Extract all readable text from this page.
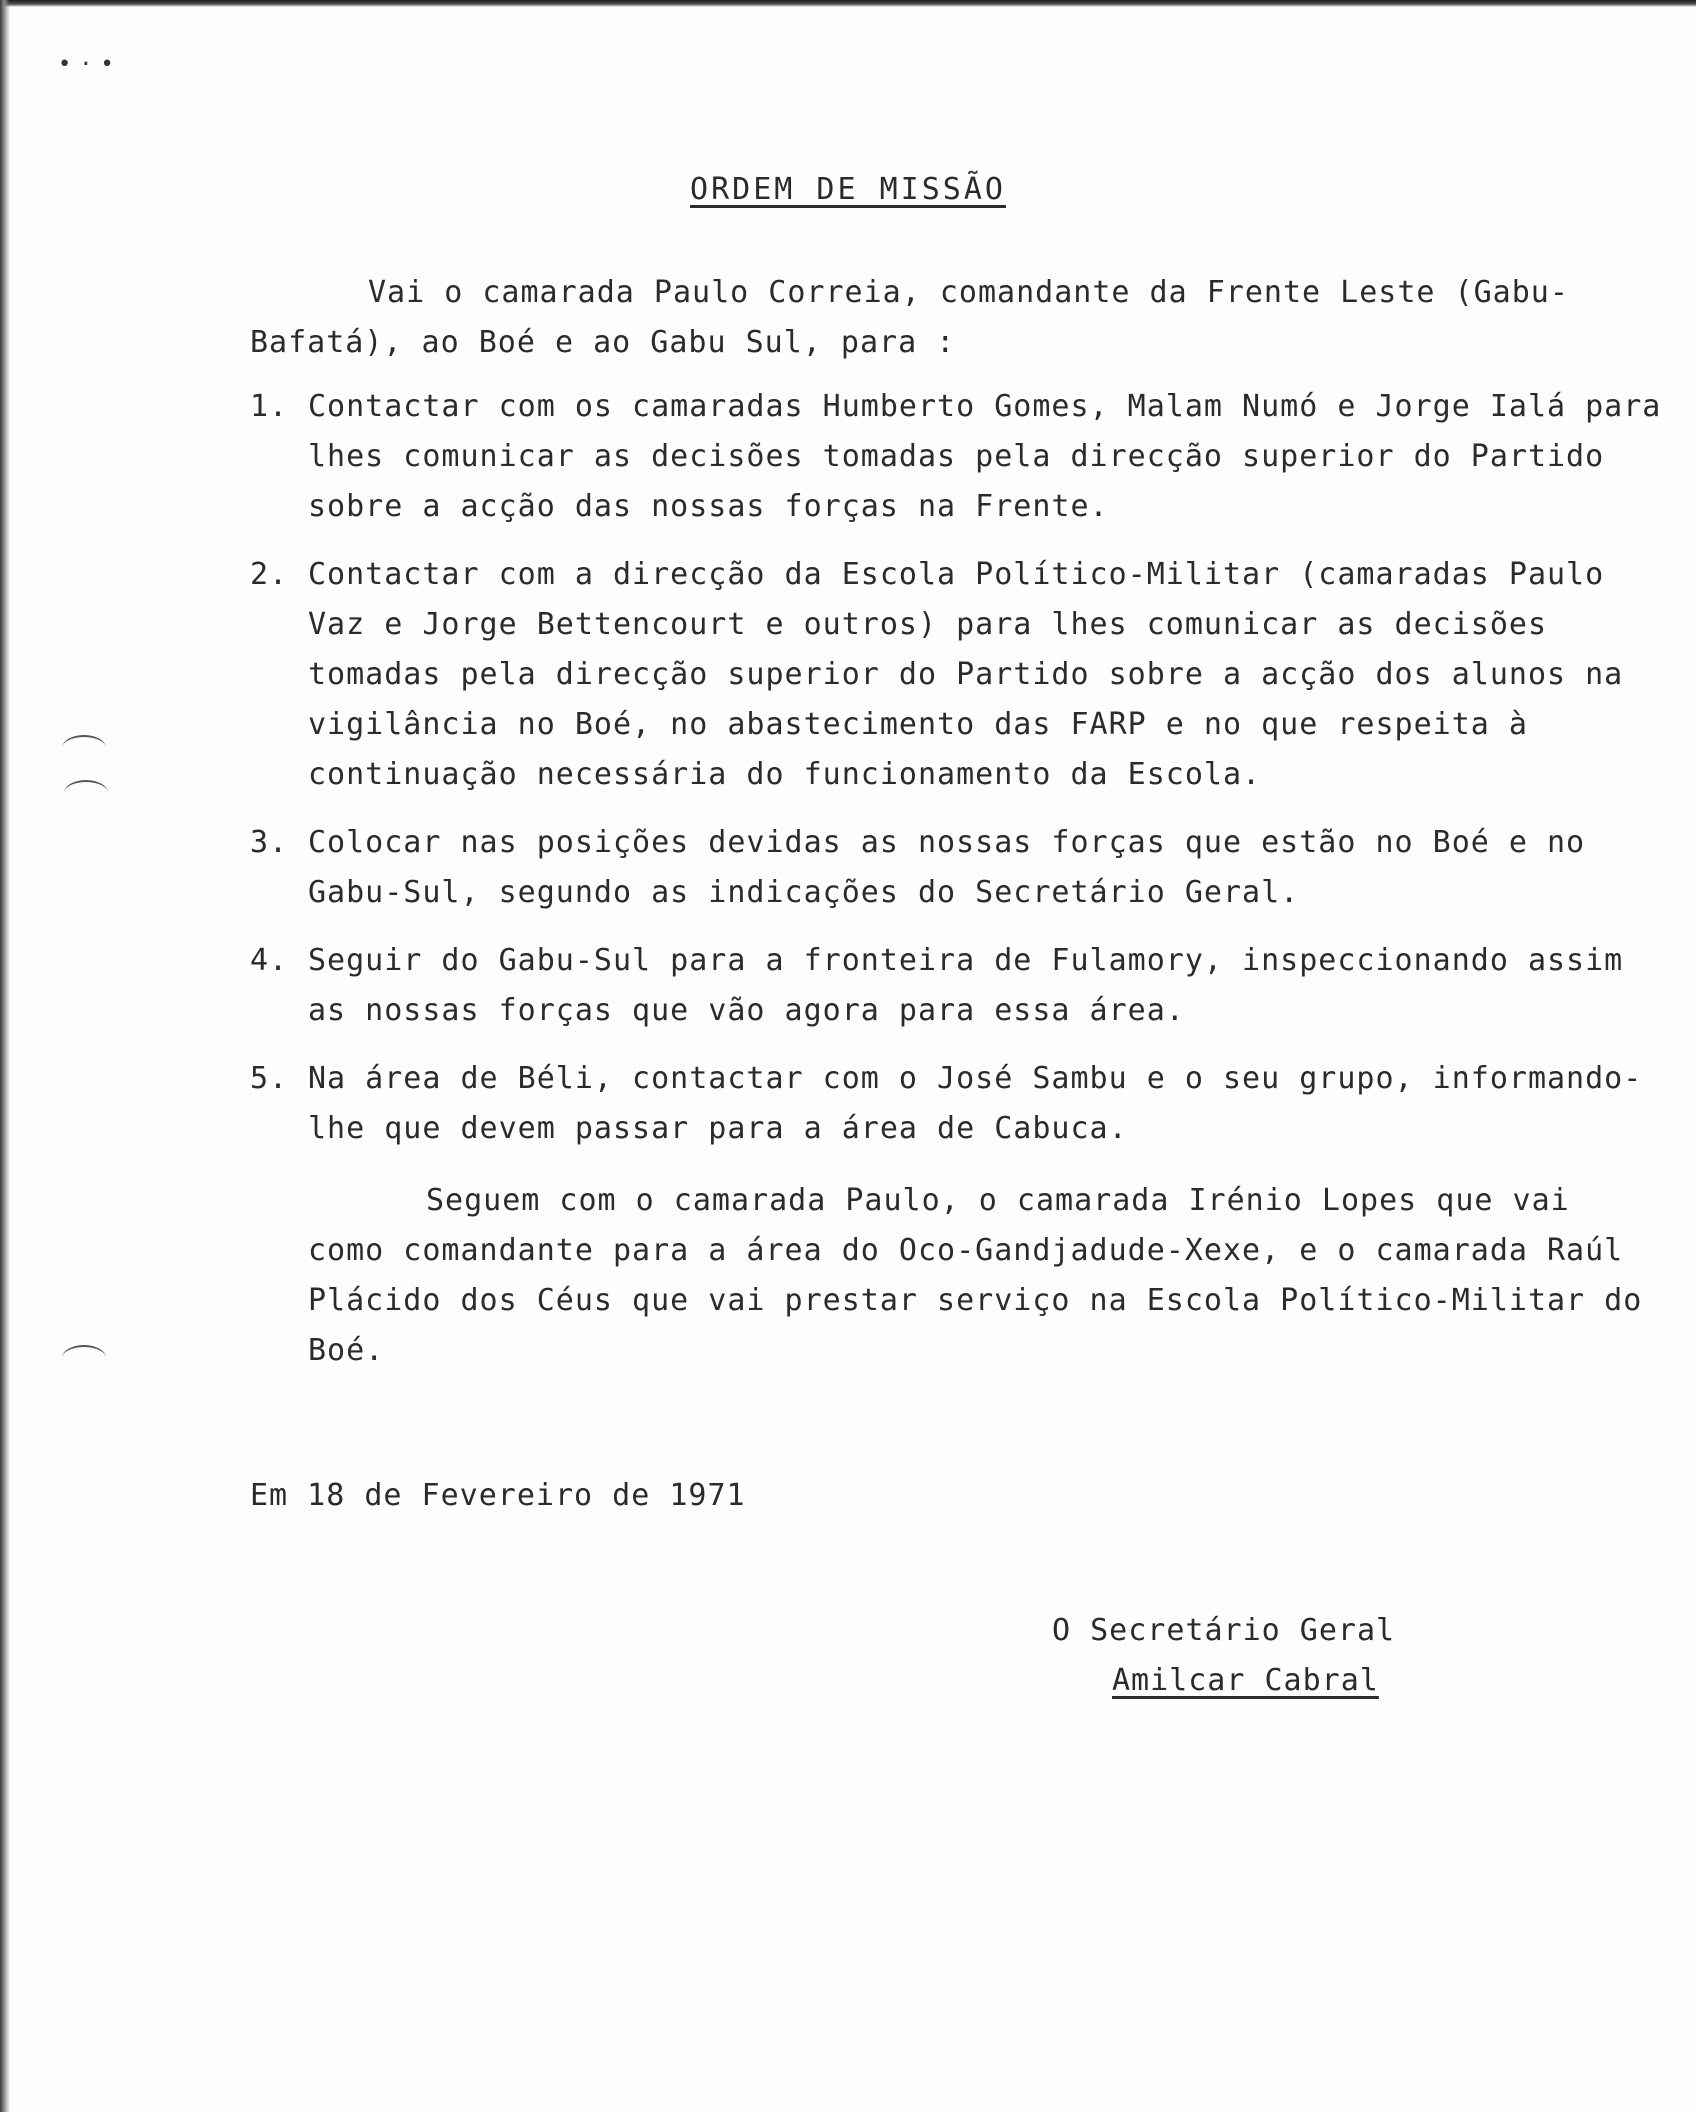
•·•
ORDEM DE MISSÃO
Vai o camarada Paulo Correia, comandante da Frente Leste (Gabu-Bafatá), ao Boé e ao Gabu Sul, para :
1. Contactar com os camaradas Humberto Gomes, Malam Numó e Jorge Ialá para lhes comunicar as decisões tomadas pela direcção superior do Partido sobre a acção das nossas forças na Frente.
2. Contactar com a direcção da Escola Político-Militar (camaradas Paulo Vaz e Jorge Bettencourt e outros) para lhes comunicar as decisões tomadas pela direcção superior do Partido sobre a acção dos alunos na vigilância no Boé, no abastecimento das FARP e no que respeita à continuação necessária do funcionamento da Escola.
3. Colocar nas posições devidas as nossas forças que estão no Boé e no Gabu-Sul, segundo as indicações do Secretário Geral.
4. Seguir do Gabu-Sul para a fronteira de Fulamory, inspeccionando assim as nossas forças que vão agora para essa área.
5. Na área de Béli, contactar com o José Sambu e o seu grupo, informando-lhe que devem passar para a área de Cabuca.
Seguem com o camarada Paulo, o camarada Irénio Lopes que vai como comandante para a área do Oco-Gandjadude-Xexe, e o camarada Raúl Plácido dos Céus que vai prestar serviço na Escola Político-Militar do Boé.
Em 18 de Fevereiro de 1971
O Secretário Geral
Amilcar Cabral
